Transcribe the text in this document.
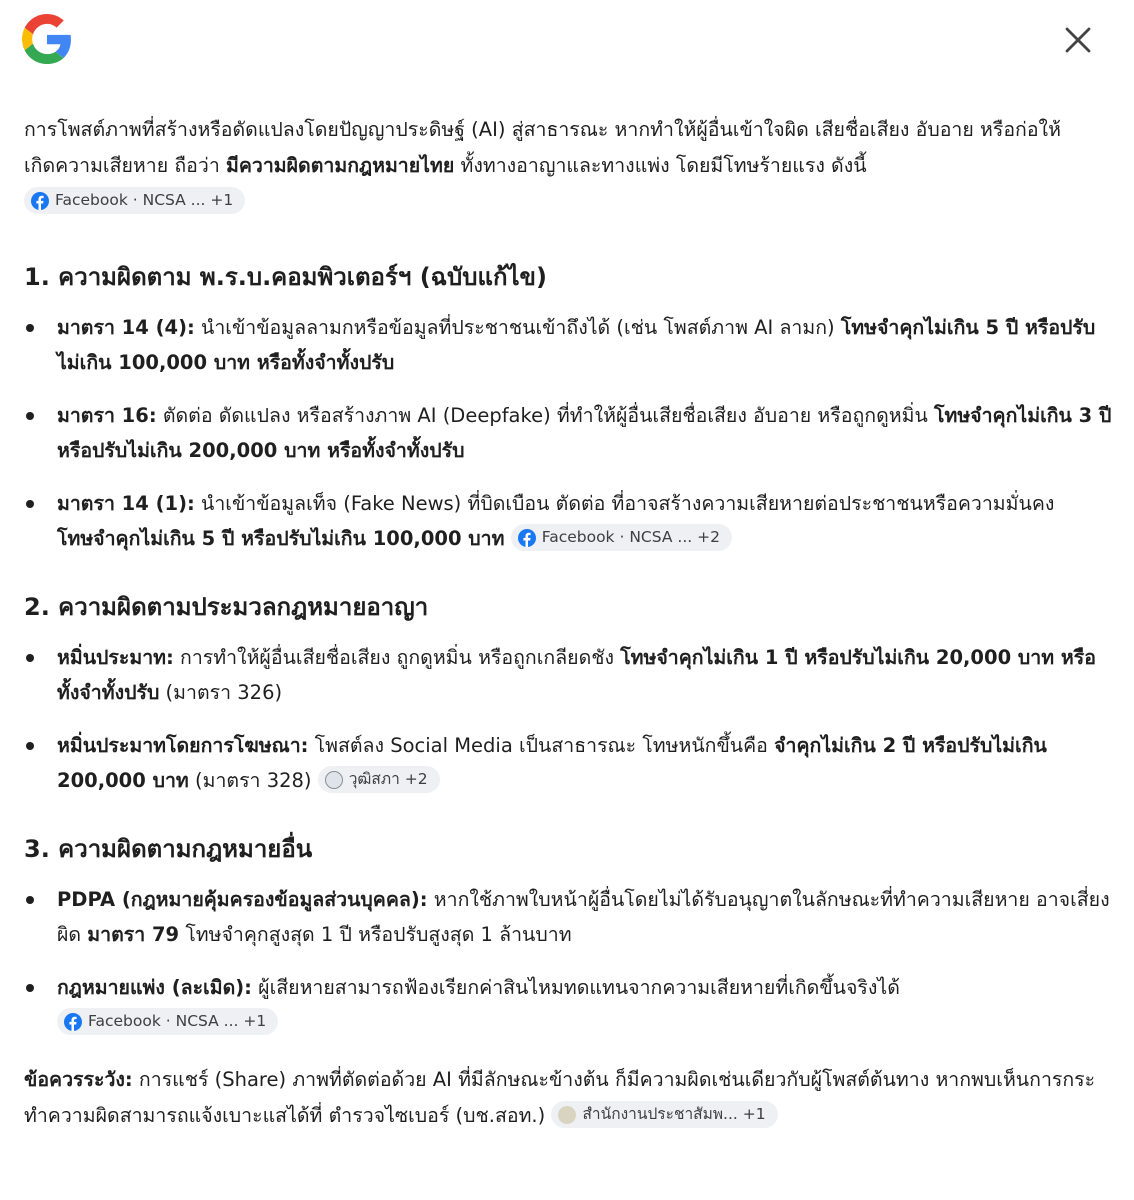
การโพสต์ภาพที่สร้างหรือดัดแปลงโดยปัญญาประดิษฐ์ (AI) สู่สาธารณะ หากทำให้ผู้อื่นเข้าใจผิด เสียชื่อเสียง อับอาย หรือก่อให้เกิดความเสียหาย ถือว่า มีความผิดตามกฎหมายไทย ทั้งทางอาญาและทางแพ่ง โดยมีโทษร้ายแรง ดังนี้
Facebook · NCSA ... +1

1. ความผิดตาม พ.ร.บ.คอมพิวเตอร์ฯ (ฉบับแก้ไข)
มาตรา 14 (4): นำเข้าข้อมูลลามกหรือข้อมูลที่ประชาชนเข้าถึงได้ (เช่น โพสต์ภาพ AI ลามก) โทษจำคุกไม่เกิน 5 ปี หรือปรับไม่เกิน 100,000 บาท หรือทั้งจำทั้งปรับ
มาตรา 16: ตัดต่อ ดัดแปลง หรือสร้างภาพ AI (Deepfake) ที่ทำให้ผู้อื่นเสียชื่อเสียง อับอาย หรือถูกดูหมิ่น โทษจำคุกไม่เกิน 3 ปี หรือปรับไม่เกิน 200,000 บาท หรือทั้งจำทั้งปรับ
มาตรา 14 (1): นำเข้าข้อมูลเท็จ (Fake News) ที่บิดเบือน ตัดต่อ ที่อาจสร้างความเสียหายต่อประชาชนหรือความมั่นคง โทษจำคุกไม่เกิน 5 ปี หรือปรับไม่เกิน 100,000 บาท Facebook · NCSA ... +2
2. ความผิดตามประมวลกฎหมายอาญา
หมิ่นประมาท: การทำให้ผู้อื่นเสียชื่อเสียง ถูกดูหมิ่น หรือถูกเกลียดชัง โทษจำคุกไม่เกิน 1 ปี หรือปรับไม่เกิน 20,000 บาท หรือทั้งจำทั้งปรับ (มาตรา 326)
หมิ่นประมาทโดยการโฆษณา: โพสต์ลง Social Media เป็นสาธารณะ โทษหนักขึ้นคือ จำคุกไม่เกิน 2 ปี หรือปรับไม่เกิน 200,000 บาท (มาตรา 328) วุฒิสภา +2
3. ความผิดตามกฎหมายอื่น
PDPA (กฎหมายคุ้มครองข้อมูลส่วนบุคคล): หากใช้ภาพใบหน้าผู้อื่นโดยไม่ได้รับอนุญาตในลักษณะที่ทำความเสียหาย อาจเสี่ยงผิด มาตรา 79 โทษจำคุกสูงสุด 1 ปี หรือปรับสูงสุด 1 ล้านบาท
กฎหมายแพ่ง (ละเมิด): ผู้เสียหายสามารถฟ้องเรียกค่าสินไหมทดแทนจากความเสียหายที่เกิดขึ้นจริงได้
Facebook · NCSA ... +1

ข้อควรระวัง: การแชร์ (Share) ภาพที่ตัดต่อด้วย AI ที่มีลักษณะข้างต้น ก็มีความผิดเช่นเดียวกับผู้โพสต์ต้นทาง หากพบเห็นการกระทำความผิดสามารถแจ้งเบาะแสได้ที่ ตำรวจไซเบอร์ (บช.สอท.) สำนักงานประชาสัมพ... +1
